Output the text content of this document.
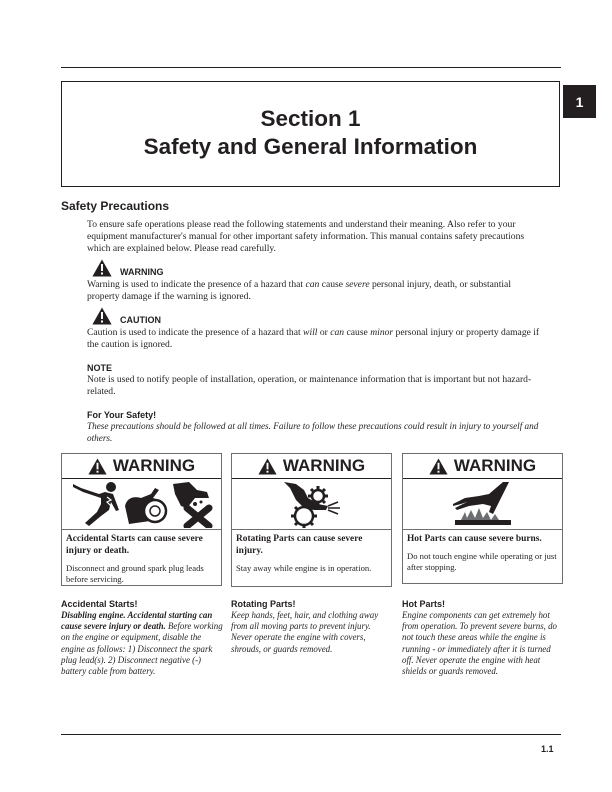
Section 1
Safety and General Information
1
Safety Precautions
To ensure safe operations please read the following statements and understand their meaning. Also refer to your equipment manufacturer's manual for other important safety information. This manual contains safety precautions which are explained below. Please read carefully.
WARNING
Warning is used to indicate the presence of a hazard that can cause severe personal injury, death, or substantial property damage if the warning is ignored.
CAUTION
Caution is used to indicate the presence of a hazard that will or can cause minor personal injury or property damage if the caution is ignored.
NOTE
Note is used to notify people of installation, operation, or maintenance information that is important but not hazard-related.
For Your Safety!
These precautions should be followed at all times. Failure to follow these precautions could result in injury to yourself and others.
WARNING
Accidental Starts can cause severe injury or death.
Disconnect and ground spark plug leads before servicing.
WARNING
Rotating Parts can cause severe injury.
Stay away while engine is in operation.
WARNING
Hot Parts can cause severe burns.
Do not touch engine while operating or just after stopping.
Accidental Starts!
Disabling engine. Accidental starting can cause severe injury or death. Before working on the engine or equipment, disable the engine as follows: 1) Disconnect the spark plug lead(s). 2) Disconnect negative (-) battery cable from battery.
Rotating Parts!
Keep hands, feet, hair, and clothing away from all moving parts to prevent injury. Never operate the engine with covers, shrouds, or guards removed.
Hot Parts!
Engine components can get extremely hot from operation. To prevent severe burns, do not touch these areas while the engine is running - or immediately after it is turned off. Never operate the engine with heat shields or guards removed.
1.1
